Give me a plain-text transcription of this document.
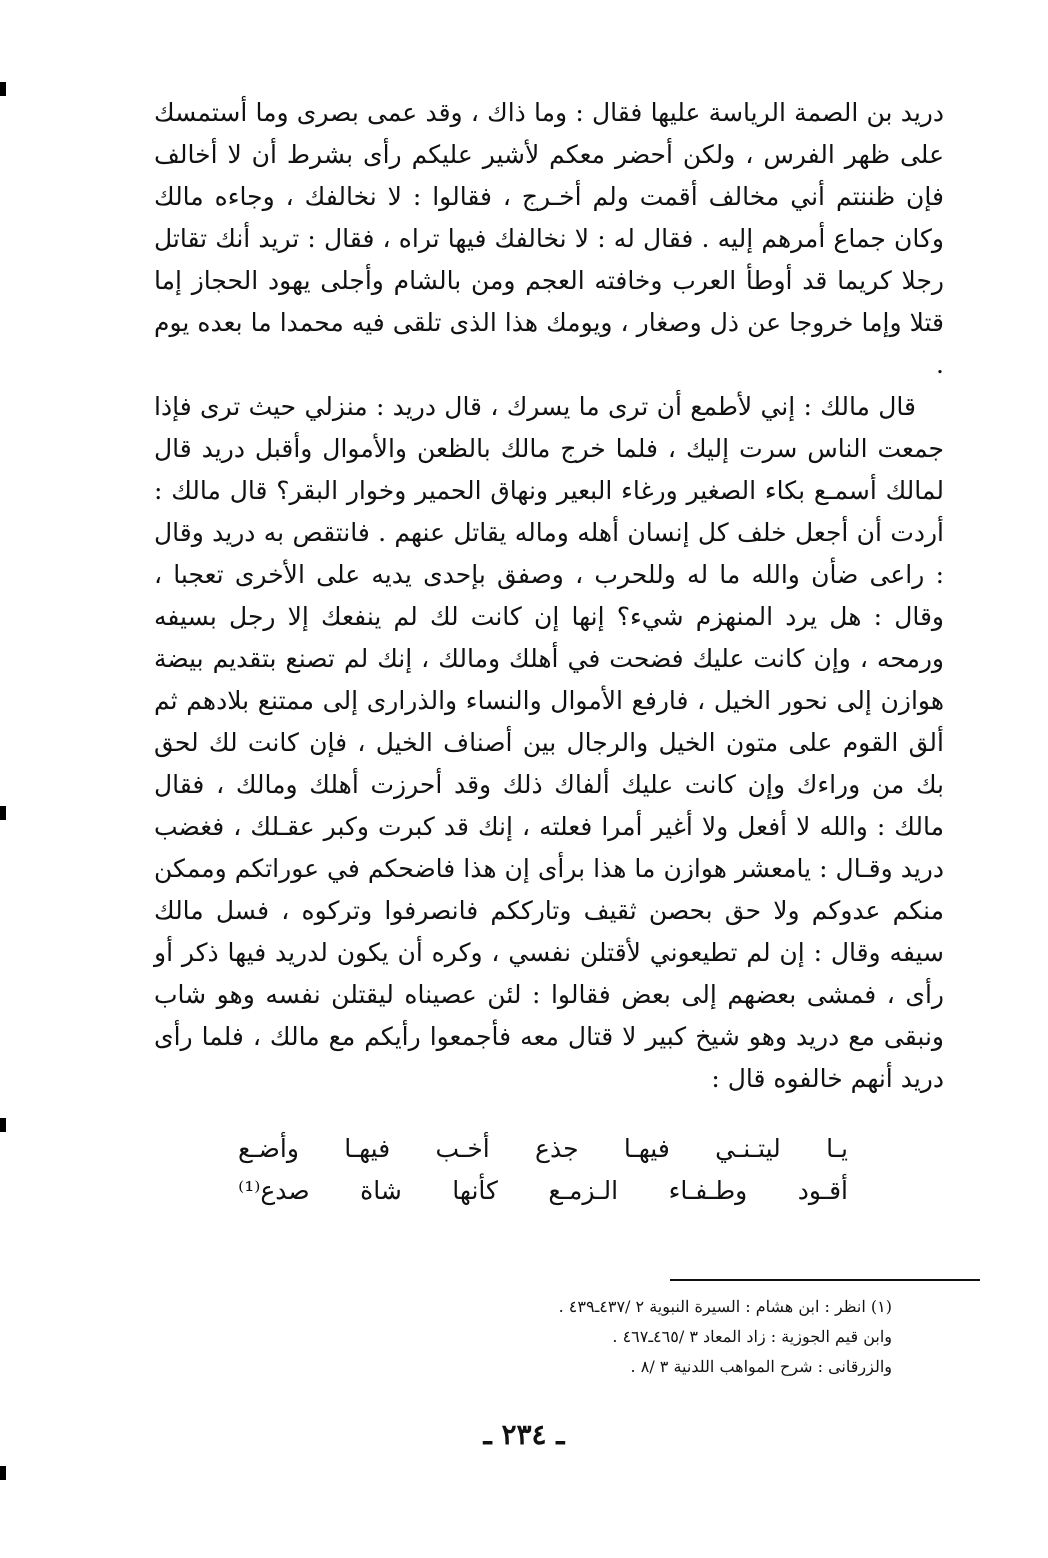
دريد بن الصمة الرياسة عليها فقال : وما ذاك ، وقد عمى بصرى وما أستمسك على ظهر الفرس ، ولكن أحضر معكم لأشير عليكم رأى بشرط أن لا أخالف فإن ظننتم أني مخالف أقمت ولم أخـرج ، فقالوا : لا نخالفك ، وجاءه مالك وكان جماع أمرهم إليه . فقال له : لا نخالفك فيها تراه ، فقال : تريد أنك تقاتل رجلا كريما قد أوطأ العرب وخافته العجم ومن بالشام وأجلى يهود الحجاز إما قتلا وإما خروجا عن ذل وصغار ، ويومك هذا الذى تلقى فيه محمدا ما بعده يوم .

قال مالك : إني لأطمع أن ترى ما يسرك ، قال دريد : منزلي حيث ترى فإذا جمعت الناس سرت إليك ، فلما خرج مالك بالظعن والأموال وأقبل دريد قال لمالك أسمـع بكاء الصغير ورغاء البعير ونهاق الحمير وخوار البقر؟ قال مالك : أردت أن أجعل خلف كل إنسان أهله وماله يقاتل عنهم . فانتقص به دريد وقال : راعى ضأن والله ما له وللحرب ، وصفق بإحدى يديه على الأخرى تعجبا ، وقال : هل يرد المنهزم شيء؟ إنها إن كانت لك لم ينفعك إلا رجل بسيفه ورمحه ، وإن كانت عليك فضحت في أهلك ومالك ، إنك لم تصنع بتقديم بيضة هوازن إلى نحور الخيل ، فارفع الأموال والنساء والذرارى إلى ممتنع بلادهم ثم ألق القوم على متون الخيل والرجال بين أصناف الخيل ، فإن كانت لك لحق بك من وراءك وإن كانت عليك ألفاك ذلك وقد أحرزت أهلك ومالك ، فقال مالك : والله لا أفعل ولا أغير أمرا فعلته ، إنك قد كبرت وكبر عقـلك ، فغضب دريد وقـال : يامعشر هوازن ما هذا برأى إن هذا فاضحكم في عوراتكم وممكن منكم عدوكم ولا حق بحصن ثقيف وتارككم فانصرفوا وتركوه ، فسل مالك سيفه وقال : إن لم تطيعوني لأقتلن نفسي ، وكره أن يكون لدريد فيها ذكر أو رأى ، فمشى بعضهم إلى بعض فقالوا : لئن عصيناه ليقتلن نفسه وهو شاب ونبقى مع دريد وهو شيخ كبير لا قتال معه فأجمعوا رأيكم مع مالك ، فلما رأى دريد أنهم خالفوه قال :

يـا
ليتـنـي
فيهـا
جذع
أخـب
فيهـا
وأضـع
أقـود
وطـفـاء
الـزمـع
كأنها
شاة
صدع⁽¹⁾
(١) انظر : ابن هشام : السيرة النبوية ٢ /٤٣٧ـ٤٣٩ .
وابن قيم الجوزية : زاد المعاد ٣ /٤٦٥ـ٤٦٧ .
والزرقانى : شرح المواهب اللدنية ٣ /٨ .
ـ ٢٣٤ ـ
